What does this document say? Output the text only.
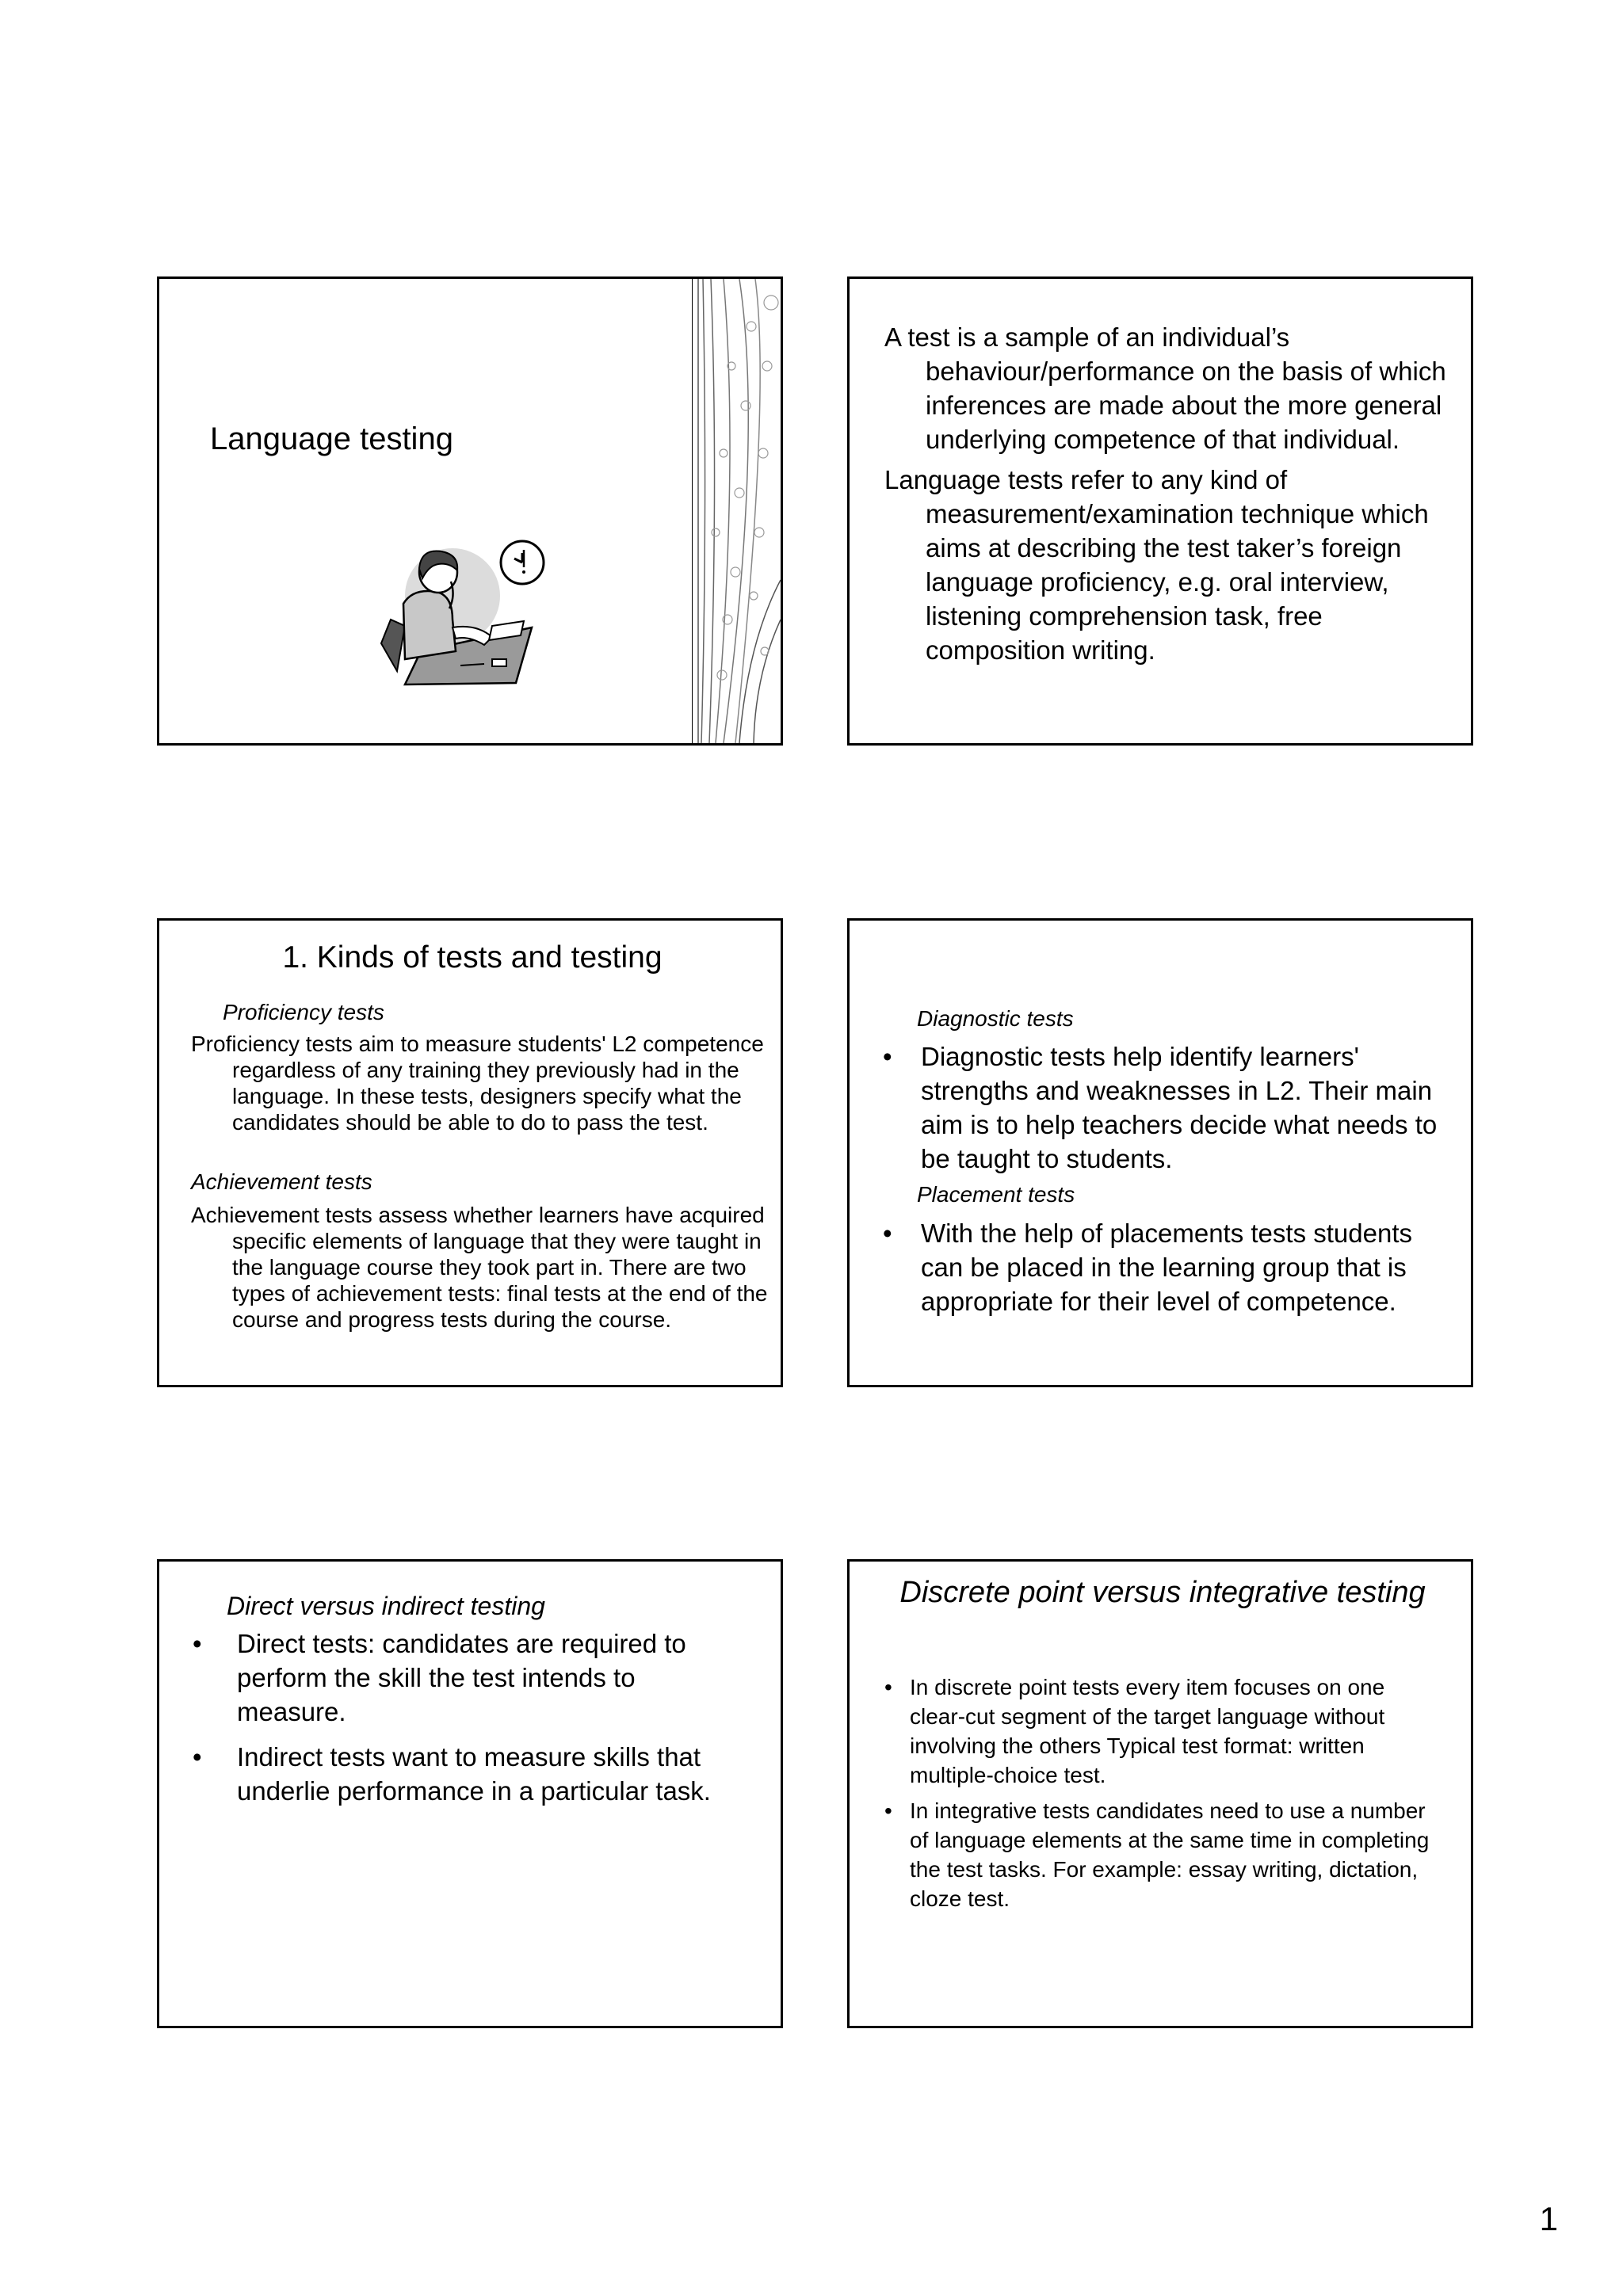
Language testing

A test is a sample of an individual’s behaviour/performance on the basis of which inferences are made about the more general underlying competence of that individual.

Language tests refer to any kind of measurement/examination technique which aims at describing the test taker’s foreign language proficiency, e.g. oral interview, listening comprehension task, free composition writing.

1. Kinds of tests and testing
Proficiency tests

Proficiency tests aim to measure students' L2 competence regardless of any training they previously had in the language. In these tests, designers specify what the candidates should be able to do to pass the test.

Achievement tests

Achievement tests assess whether learners have acquired specific elements of language that they were taught in the language course they took part in. There are two types of achievement tests: final tests at the end of the course and progress tests during the course.

Diagnostic tests
•	Diagnostic tests help identify learners' strengths and weaknesses in L2. Their main aim is to help teachers decide what needs to be taught to students.
Placement tests
•	With the help of placements tests students can be placed in the learning group that is appropriate for their level of competence.
Direct versus indirect testing
•	Direct tests: candidates are required to perform the skill the test intends to measure.
•	Indirect tests want to measure skills that underlie performance in a particular task.
Discrete point versus integrative testing
• In discrete point tests every item focuses on one clear-cut segment of the target language without involving the others Typical test format: written multiple-choice test.
• In integrative tests candidates need to use a number of language elements at the same time in completing the test tasks. For example: essay writing, dictation, cloze test.
1
